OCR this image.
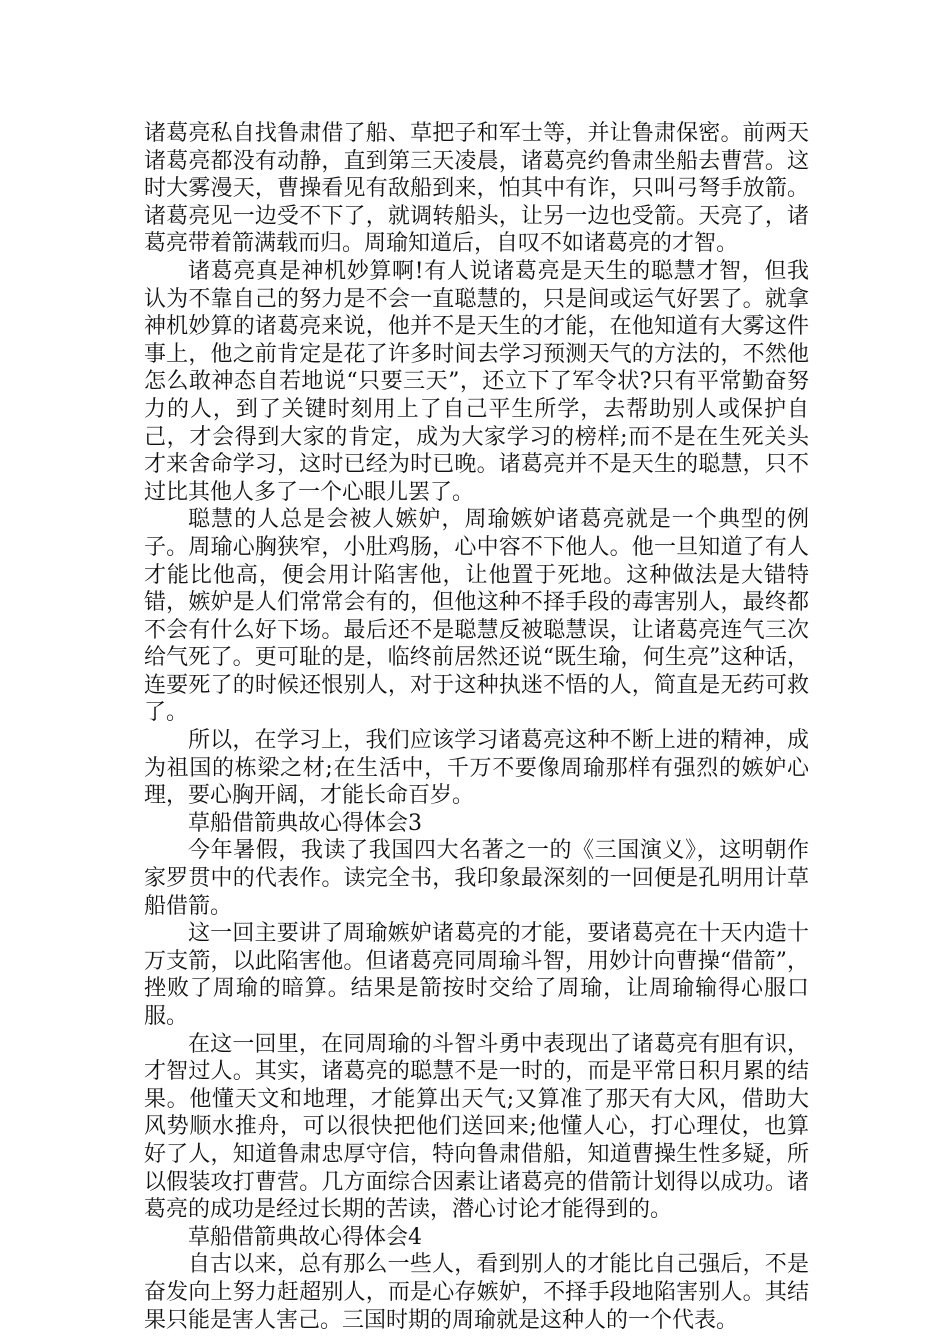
诸葛亮私自找鲁肃借了船、草把子和军士等，并让鲁肃保密。前两天诸葛亮都没有动静，直到第三天凌晨，诸葛亮约鲁肃坐船去曹营。这时大雾漫天，曹操看见有敌船到来，怕其中有诈，只叫弓弩手放箭。诸葛亮见一边受不下了，就调转船头，让另一边也受箭。天亮了，诸葛亮带着箭满载而归。周瑜知道后，自叹不如诸葛亮的才智。

诸葛亮真是神机妙算啊!有人说诸葛亮是天生的聪慧才智，但我认为不靠自己的努力是不会一直聪慧的，只是间或运气好罢了。就拿神机妙算的诸葛亮来说，他并不是天生的才能，在他知道有大雾这件事上，他之前肯定是花了许多时间去学习预测天气的方法的，不然他怎么敢神态自若地说“只要三天”，还立下了军令状?只有平常勤奋努力的人，到了关键时刻用上了自己平生所学，去帮助别人或保护自己，才会得到大家的肯定，成为大家学习的榜样;而不是在生死关头才来舍命学习，这时已经为时已晚。诸葛亮并不是天生的聪慧，只不过比其他人多了一个心眼儿罢了。

聪慧的人总是会被人嫉妒，周瑜嫉妒诸葛亮就是一个典型的例子。周瑜心胸狭窄，小肚鸡肠，心中容不下他人。他一旦知道了有人才能比他高，便会用计陷害他，让他置于死地。这种做法是大错特错，嫉妒是人们常常会有的，但他这种不择手段的毒害别人，最终都不会有什么好下场。最后还不是聪慧反被聪慧误，让诸葛亮连气三次给气死了。更可耻的是，临终前居然还说“既生瑜，何生亮”这种话，连要死了的时候还恨别人，对于这种执迷不悟的人，简直是无药可救了。

所以，在学习上，我们应该学习诸葛亮这种不断上进的精神，成为祖国的栋梁之材;在生活中，千万不要像周瑜那样有强烈的嫉妒心理，要心胸开阔，才能长命百岁。

草船借箭典故心得体会3

今年暑假，我读了我国四大名著之一的《三国演义》，这明朝作家罗贯中的代表作。读完全书，我印象最深刻的一回便是孔明用计草船借箭。

这一回主要讲了周瑜嫉妒诸葛亮的才能，要诸葛亮在十天内造十万支箭，以此陷害他。但诸葛亮同周瑜斗智，用妙计向曹操“借箭”，挫败了周瑜的暗算。结果是箭按时交给了周瑜，让周瑜输得心服口服。

在这一回里，在同周瑜的斗智斗勇中表现出了诸葛亮有胆有识，才智过人。其实，诸葛亮的聪慧不是一时的，而是平常日积月累的结果。他懂天文和地理，才能算出天气;又算准了那天有大风，借助大风势顺水推舟，可以很快把他们送回来;他懂人心，打心理仗，也算好了人，知道鲁肃忠厚守信，特向鲁肃借船，知道曹操生性多疑，所以假装攻打曹营。几方面综合因素让诸葛亮的借箭计划得以成功。诸葛亮的成功是经过长期的苦读，潜心讨论才能得到的。

草船借箭典故心得体会4

自古以来，总有那么一些人，看到别人的才能比自己强后，不是奋发向上努力赶超别人，而是心存嫉妒，不择手段地陷害别人。其结果只能是害人害己。三国时期的周瑜就是这种人的一个代表。
